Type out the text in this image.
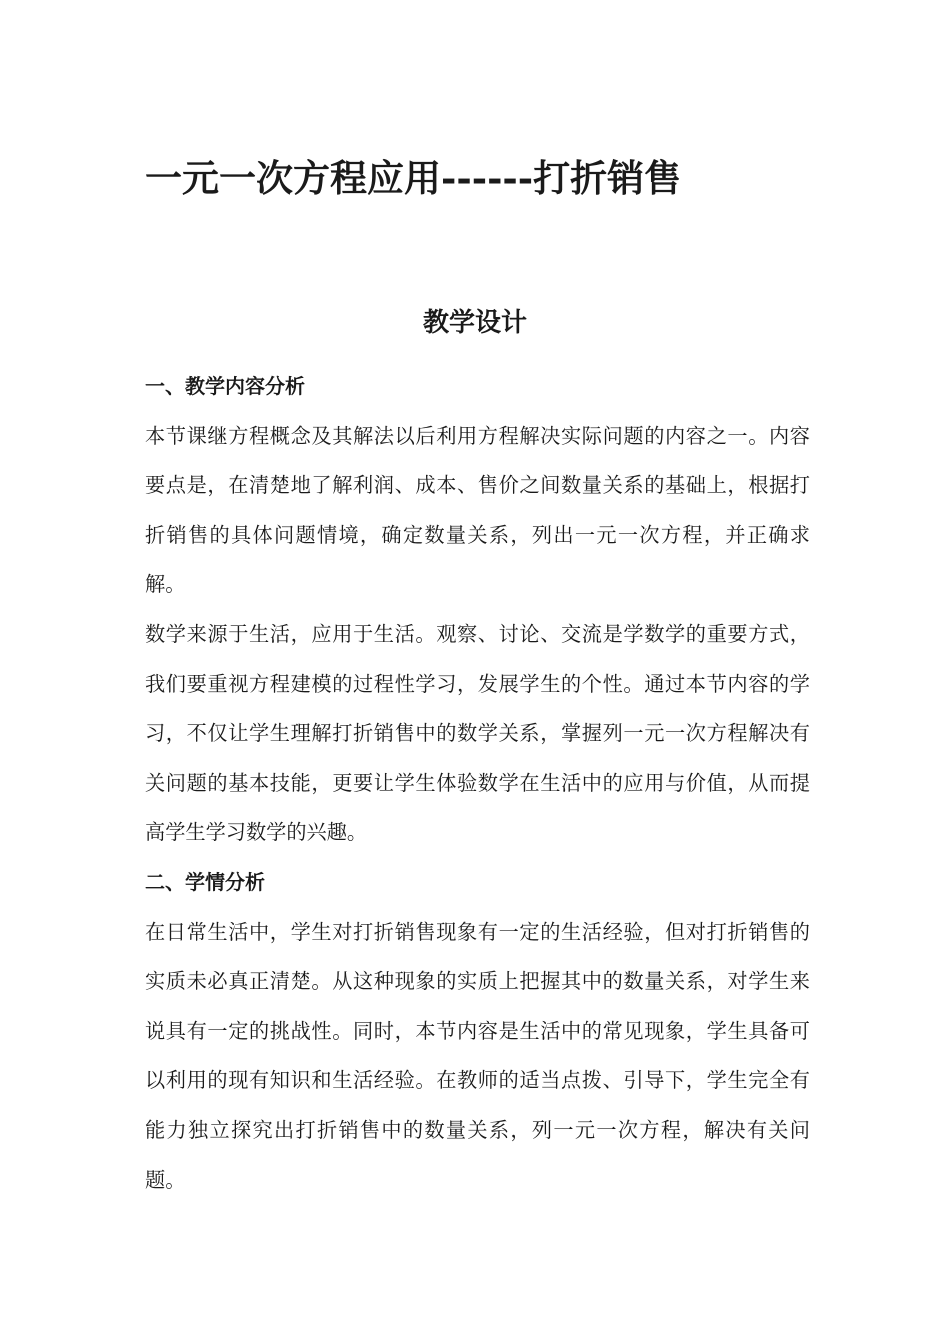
一元一次方程应用------打折销售
教学设计
一、教学内容分析

本节课继方程概念及其解法以后利用方程解决实际问题的内容之一。内容要点是，在清楚地了解利润、成本、售价之间数量关系的基础上，根据打折销售的具体问题情境，确定数量关系，列出一元一次方程，并正确求解。

数学来源于生活，应用于生活。观察、讨论、交流是学数学的重要方式，我们要重视方程建模的过程性学习，发展学生的个性。通过本节内容的学习，不仅让学生理解打折销售中的数学关系，掌握列一元一次方程解决有关问题的基本技能，更要让学生体验数学在生活中的应用与价值，从而提高学生学习数学的兴趣。

二、学情分析

在日常生活中，学生对打折销售现象有一定的生活经验，但对打折销售的实质未必真正清楚。从这种现象的实质上把握其中的数量关系，对学生来说具有一定的挑战性。同时，本节内容是生活中的常见现象，学生具备可以利用的现有知识和生活经验。在教师的适当点拨、引导下，学生完全有能力独立探究出打折销售中的数量关系，列一元一次方程，解决有关问题。
